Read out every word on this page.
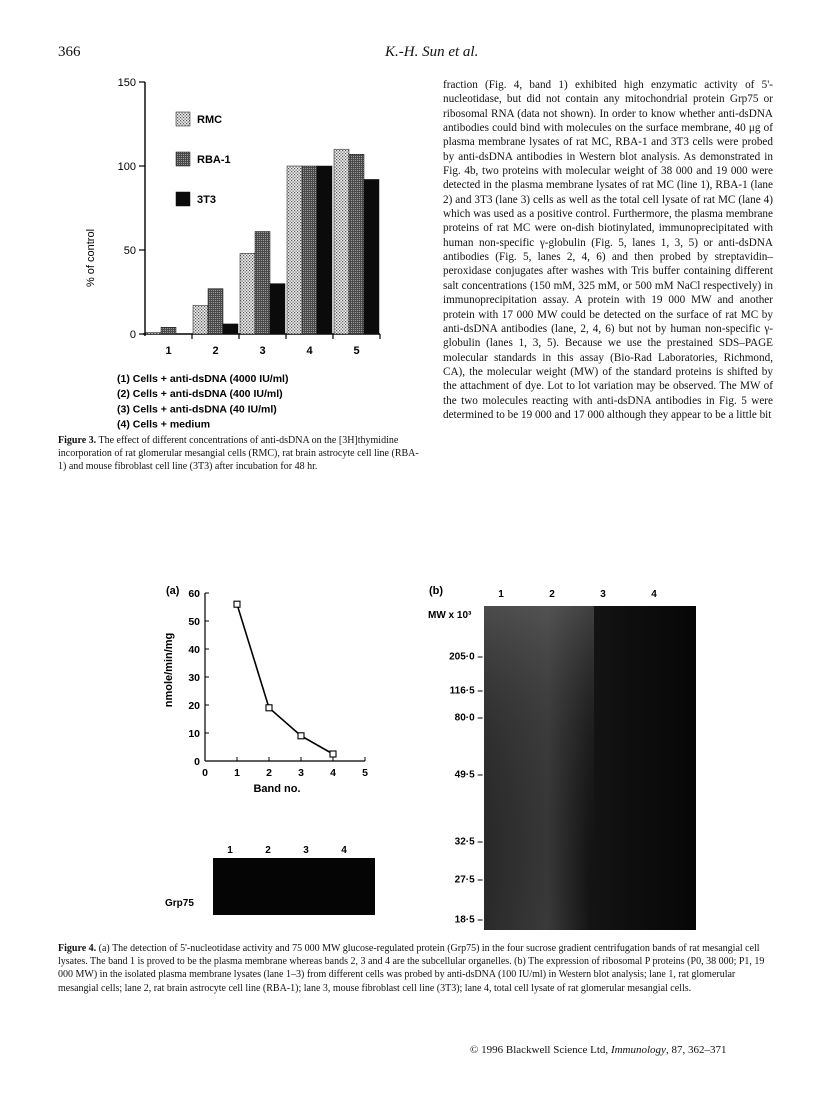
366	K.-H. Sun et al.
0
50
100
150
1	2	3	4	5
RMC
RBA-1
3T3
% of control
(1) Cells + anti-dsDNA (4000 IU/ml)
(2) Cells + anti-dsDNA (400 IU/ml)
(3) Cells + anti-dsDNA (40 IU/ml)
(4) Cells + medium
Figure 3. The effect of different concentrations of anti-dsDNA on the [3H]thymidine incorporation of rat glomerular mesangial cells (RMC), rat brain astrocyte cell line (RBA-1) and mouse fibroblast cell line (3T3) after incubation for 48 hr.

fraction (Fig. 4, band 1) exhibited high enzymatic activity of 5'-nucleotidase, but did not contain any mitochondrial protein Grp75 or ribosomal RNA (data not shown). In order to know whether anti-dsDNA antibodies could bind with molecules on the surface membrane, 40 μg of plasma membrane lysates of rat MC, RBA-1 and 3T3 cells were probed by anti-dsDNA antibodies in Western blot analysis. As demonstrated in Fig. 4b, two proteins with molecular weight of 38 000 and 19 000 were detected in the plasma membrane lysates of rat MC (line 1), RBA-1 (lane 2) and 3T3 (lane 3) cells as well as the total cell lysate of rat MC (lane 4) which was used as a positive control. Furthermore, the plasma membrane proteins of rat MC were on-dish biotinylated, immunoprecipitated with human non-specific γ-globulin (Fig. 5, lanes 1, 3, 5) or anti-dsDNA antibodies (Fig. 5, lanes 2, 4, 6) and then probed by streptavidin–peroxidase conjugates after washes with Tris buffer containing different salt concentrations (150 mM, 325 mM, or 500 mM NaCl respectively) in immunoprecipitation assay. A protein with 19 000 MW and another protein with 17 000 MW could be detected on the surface of rat MC by anti-dsDNA antibodies (lane, 2, 4, 6) but not by human non-specific γ-globulin (lanes 1, 3, 5). Because we use the prestained SDS–PAGE molecular standards in this assay (Bio-Rad Laboratories, Richmond, CA), the molecular weight (MW) of the standard proteins is shifted by the attachment of dye. Lot to lot variation may be observed. The MW of the two molecules reacting with anti-dsDNA antibodies in Fig. 5 were determined to be 19 000 and 17 000 although they appear to be a little bit

(a)
0
10
20
30
40
50
60
0 1 2 3 4 5
nmole/min/mg
Band no.
1	2	3	4
Grp75
(b)
MW x 10³
1	2	3	4
205·0 –
116·5 –
80·0 –
49·5 –
32·5 –
27·5 –
18·5 –
Figure 4. (a) The detection of 5'-nucleotidase activity and 75 000 MW glucose-regulated protein (Grp75) in the four sucrose gradient centrifugation bands of rat mesangial cell lysates. The band 1 is proved to be the plasma membrane whereas bands 2, 3 and 4 are the subcellular organelles. (b) The expression of ribosomal P proteins (P0, 38 000; P1, 19 000 MW) in the isolated plasma membrane lysates (lane 1–3) from different cells was probed by anti-dsDNA (100 IU/ml) in Western blot analysis; lane 1, rat glomerular mesangial cells; lane 2, rat brain astrocyte cell line (RBA-1); lane 3, mouse fibroblast cell line (3T3); lane 4, total cell lysate of rat glomerular mesangial cells.
© 1996 Blackwell Science Ltd, Immunology, 87, 362–371
